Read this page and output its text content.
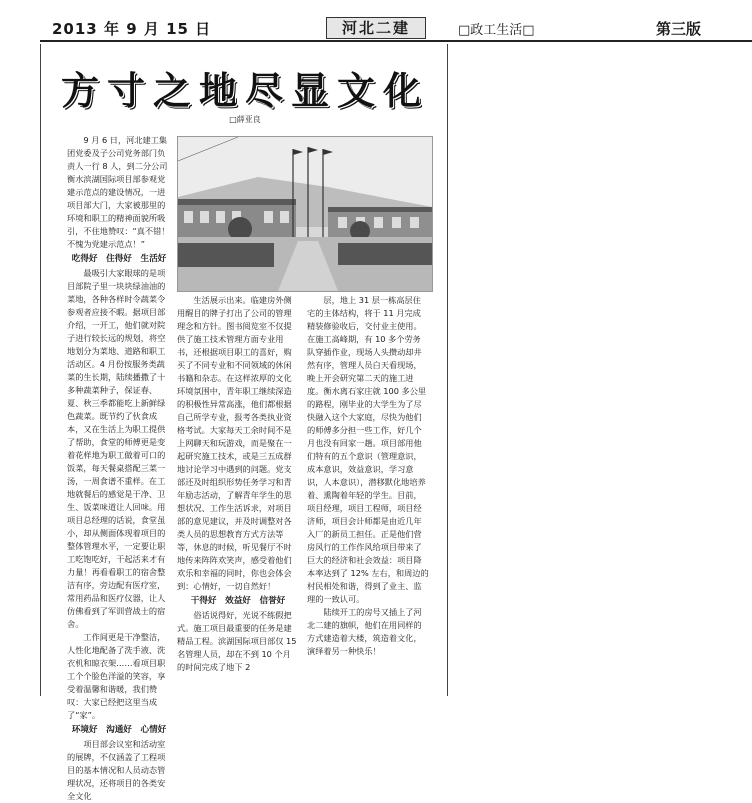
2013 年 9 月 15 日	河北二建	□政工生活□	第三版
方寸之地尽显文化
□薛亚良

9 月 6 日，河北建工集团党委及子公司党务部门负责人一行 8 人，到二分公司衡水滨湖国际项目部参观党建示范点的建设情况，一进项目部大门，大家被那里的环境和职工的精神面貌所吸引，不住地赞叹：“真不错！不愧为党建示范点！”

吃得好　住得好　生活好

最吸引大家眼球的是项目部院子里一块块绿油油的菜地，各种各样时令蔬菜令参观者应接不暇。据项目部介绍，一开工，他们就对院子进行较长远的规划，将空地划分为菜地、道路和职工活动区。4 月份按服务类蔬菜的生长期，陆续播撒了十多种蔬菜种子，保证春、夏、秋三季都能吃上新鲜绿色蔬菜。既节约了伙食成本，又在生活上为职工提供了帮助，食堂的师傅更是变着花样地为职工做着可口的饭菜，每天餐桌搭配三菜一汤，一周食谱不重样。在工地就餐后的感觉是干净、卫生、饭菜味道让人回味。用项目总经理的话说，食堂虽小，却从侧面体现着项目的整体管理水平，一定要让职工吃饱吃好，干起活来才有力量！再看看职工的宿舍整洁有序，旁边配有医疗室，常用药品和医疗仪器，让人仿佛看到了军训营战士的宿舍。

工作间更是干净整洁，人性化地配备了洗手液、洗衣机和晾衣架……看项目职工个个脸色洋溢的笑容，享受着温馨和谐暖，我们赞叹：大家已经把这里当成了“家”。

环境好　沟通好　心情好

项目部会议室和活动室的展牌，不仅涵盖了工程项目的基本情况和人员动态管理状况，还将项目的各类安全文化

生活展示出来。临建房外侧用醒目的牌子打出了公司的管理理念和方针。图书阅览室不仅提供了施工技术管理方面专业用书，还根据项目职工的喜好，购买了不同专业和不同领域的休闲书籍和杂志。在这样浓厚的文化环境氛围中，青年职工继续深造的积极性异常高涨，他们都根据自己所学专业，报考各类执业资格考试。大家每天工余时间不是上网聊天和玩游戏，而是聚在一起研究施工技术，或是三五成群地讨论学习中遇到的问题。党支部还及时组织形势任务学习和青年励志活动，了解青年学生的思想状况、工作生活诉求，对项目部的意见建议，并及时调整对各类人员的思想教育方式方法等等，休息的时候，听见餐厅不时地传来阵阵欢笑声，感受着他们欢乐和幸福的同时，你也会体会到：心情好，一切自然好！

干得好　效益好　信誉好

俗话说得好，光说不练假把式。施工项目最重要的任务是建精品工程。滨湖国际项目部仅 15 名管理人员，却在不到 10 个月的时间完成了地下 2

层，地上 31 层一栋高层住宅的主体结构，将于 11 月完成精装修验收后，交付业主使用。在施工高峰期，有 10 多个劳务队穿插作业，现场人头攒动却井然有序，管理人员白天看现场，晚上开会研究第二天的施工进度。衡水离石家庄就 100 多公里的路程，刚毕业的大学生为了尽快融入这个大家庭，尽快为他们的师傅多分担一些工作，好几个月也没有回家一趟。项目部用他们特有的五个意识（管理意识，成本意识，效益意识，学习意识，人本意识），潜移默化地培养着、熏陶着年轻的学生。目前，项目经理，项目工程师，项目经济师，项目会计师都是由近几年入厂的新员工担任。正是他们营房风行的工作作风给项目带来了巨大的经济和社会效益：项目降本率达到了 12% 左右，和周边的村民相处和谐，得到了业主、监理的一致认可。

陆续开工的房号又插上了河北二建的旗帜，他们在用同样的方式建造着大楼，筑造着文化，演绎着另一种快乐！
